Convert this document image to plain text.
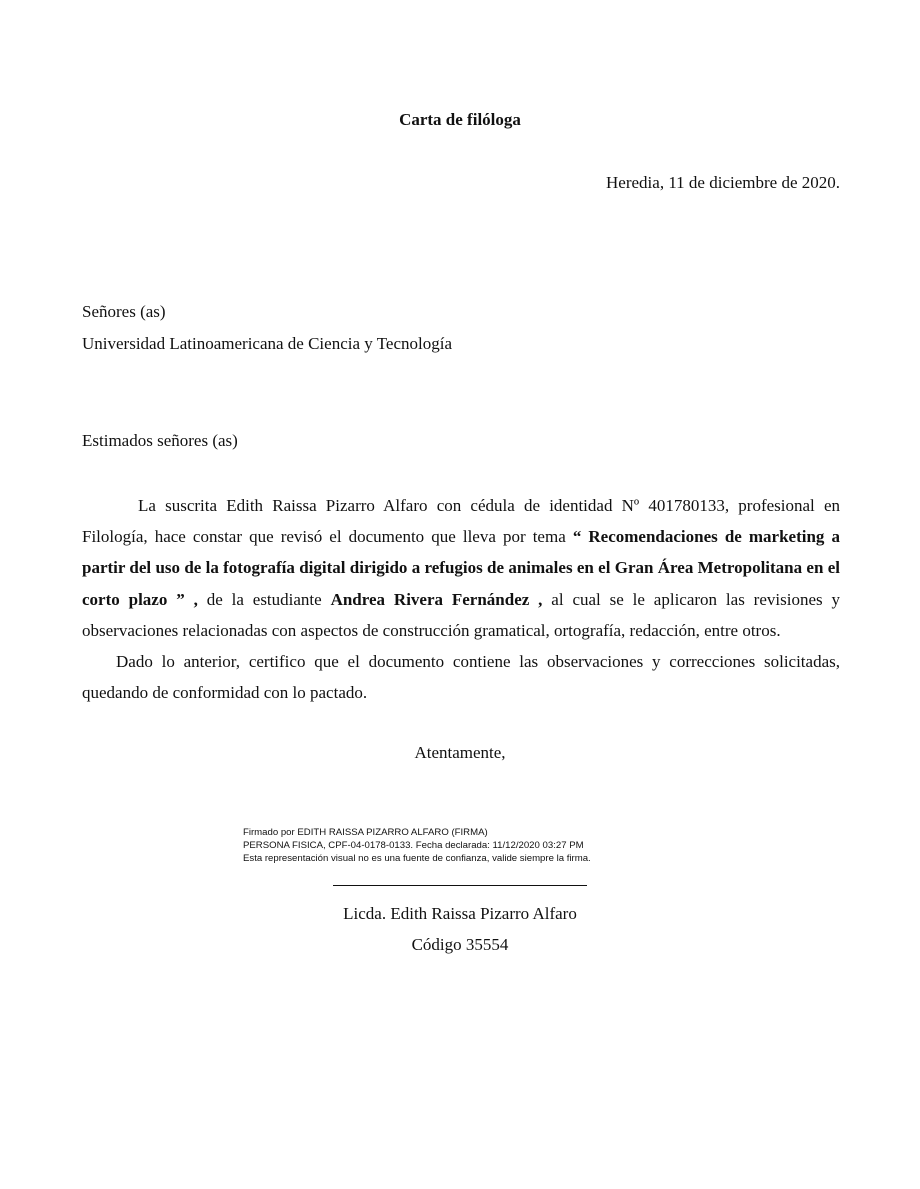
Carta de filóloga
Heredia, 11 de diciembre de 2020.
Señores (as)
Universidad Latinoamericana de Ciencia y Tecnología
Estimados señores (as)

La suscrita Edith Raissa Pizarro Alfaro con cédula de identidad Nº 401780133, profesional en Filología, hace constar que revisó el documento que lleva por tema “ Recomendaciones de marketing a partir del uso de la fotografía digital dirigido a refugios de animales en el Gran Área Metropolitana en el corto plazo ” , de la estudiante Andrea Rivera Fernández , al cual se le aplicaron las revisiones y observaciones relacionadas con aspectos de construcción gramatical, ortografía, redacción, entre otros.

Dado lo anterior, certifico que el documento contiene las observaciones y correcciones solicitadas, quedando de conformidad con lo pactado.

Atentamente,
Firmado por EDITH RAISSA PIZARRO ALFARO (FIRMA)
PERSONA FISICA, CPF-04-0178-0133. Fecha declarada: 11/12/2020 03:27 PM
Esta representación visual no es una fuente de confianza, valide siempre la firma.
Licda. Edith Raissa Pizarro Alfaro
Código 35554
